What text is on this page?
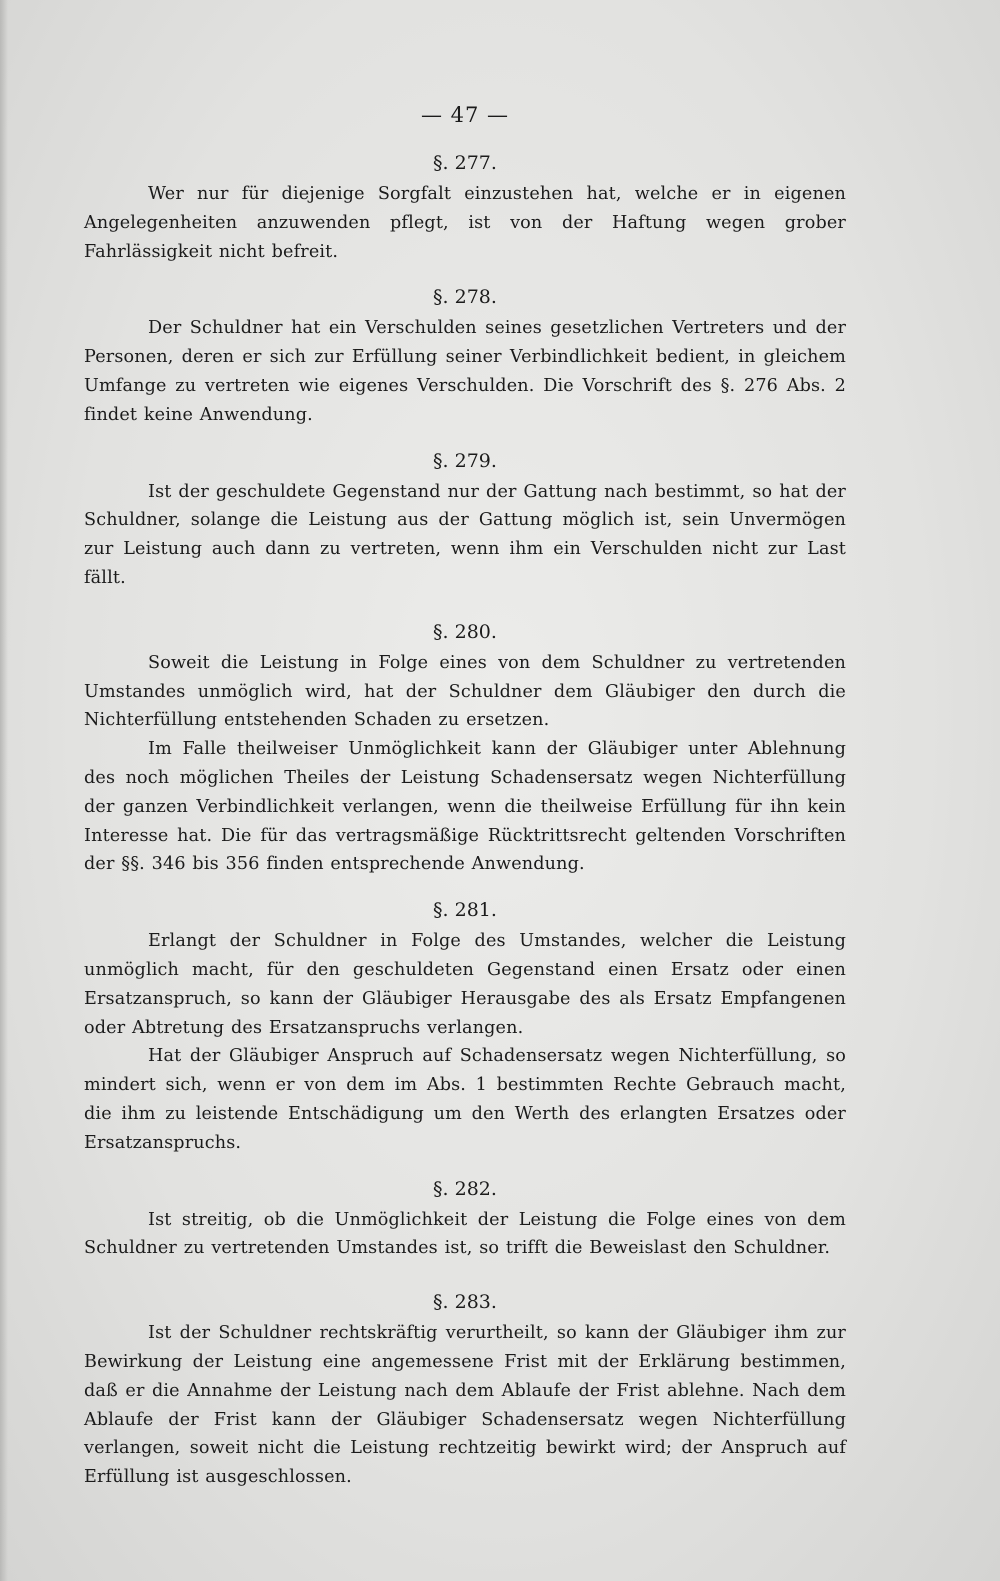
— 47 —
§. 277.

Wer nur für diejenige Sorgfalt einzustehen hat, welche er in eigenen Angelegenheiten anzuwenden pflegt, ist von der Haftung wegen grober Fahrlässigkeit nicht befreit.

§. 278.

Der Schuldner hat ein Verschulden seines gesetzlichen Vertreters und der Personen, deren er sich zur Erfüllung seiner Verbindlichkeit bedient, in gleichem Umfange zu vertreten wie eigenes Verschulden. Die Vorschrift des §. 276 Abs. 2 findet keine Anwendung.

§. 279.

Ist der geschuldete Gegenstand nur der Gattung nach bestimmt, so hat der Schuldner, solange die Leistung aus der Gattung möglich ist, sein Unvermögen zur Leistung auch dann zu vertreten, wenn ihm ein Verschulden nicht zur Last fällt.

§. 280.

Soweit die Leistung in Folge eines von dem Schuldner zu vertretenden Umstandes unmöglich wird, hat der Schuldner dem Gläubiger den durch die Nichterfüllung entstehenden Schaden zu ersetzen.

Im Falle theilweiser Unmöglichkeit kann der Gläubiger unter Ablehnung des noch möglichen Theiles der Leistung Schadensersatz wegen Nichterfüllung der ganzen Verbindlichkeit verlangen, wenn die theilweise Erfüllung für ihn kein Interesse hat. Die für das vertragsmäßige Rücktrittsrecht geltenden Vorschriften der §§. 346 bis 356 finden entsprechende Anwendung.

§. 281.

Erlangt der Schuldner in Folge des Umstandes, welcher die Leistung unmöglich macht, für den geschuldeten Gegenstand einen Ersatz oder einen Ersatzanspruch, so kann der Gläubiger Herausgabe des als Ersatz Empfangenen oder Abtretung des Ersatzanspruchs verlangen.

Hat der Gläubiger Anspruch auf Schadensersatz wegen Nichterfüllung, so mindert sich, wenn er von dem im Abs. 1 bestimmten Rechte Gebrauch macht, die ihm zu leistende Entschädigung um den Werth des erlangten Ersatzes oder Ersatzanspruchs.

§. 282.

Ist streitig, ob die Unmöglichkeit der Leistung die Folge eines von dem Schuldner zu vertretenden Umstandes ist, so trifft die Beweislast den Schuldner.

§. 283.

Ist der Schuldner rechtskräftig verurtheilt, so kann der Gläubiger ihm zur Bewirkung der Leistung eine angemessene Frist mit der Erklärung bestimmen, daß er die Annahme der Leistung nach dem Ablaufe der Frist ablehne. Nach dem Ablaufe der Frist kann der Gläubiger Schadensersatz wegen Nichterfüllung verlangen, soweit nicht die Leistung rechtzeitig bewirkt wird; der Anspruch auf Erfüllung ist ausgeschlossen.
